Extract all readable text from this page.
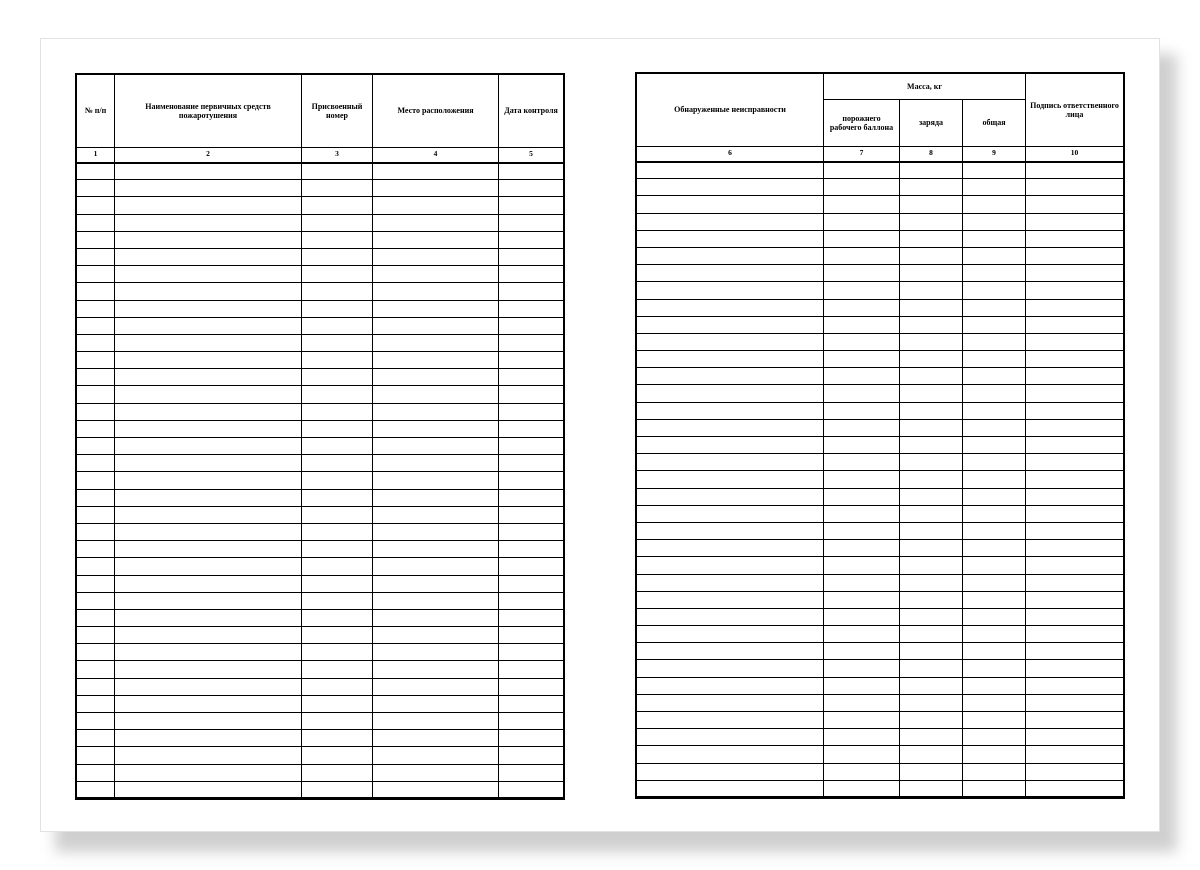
№ п/п	Наименование первичных средств пожаротушения	Присвоенный номер	Место расположения	Дата контроля
1	2	3	4	5

Обнаруженные неисправности	Масса, кг			Подпись ответственного лица
	порожнего рабочего баллона	заряда	общая	
6	7	8	9	10
